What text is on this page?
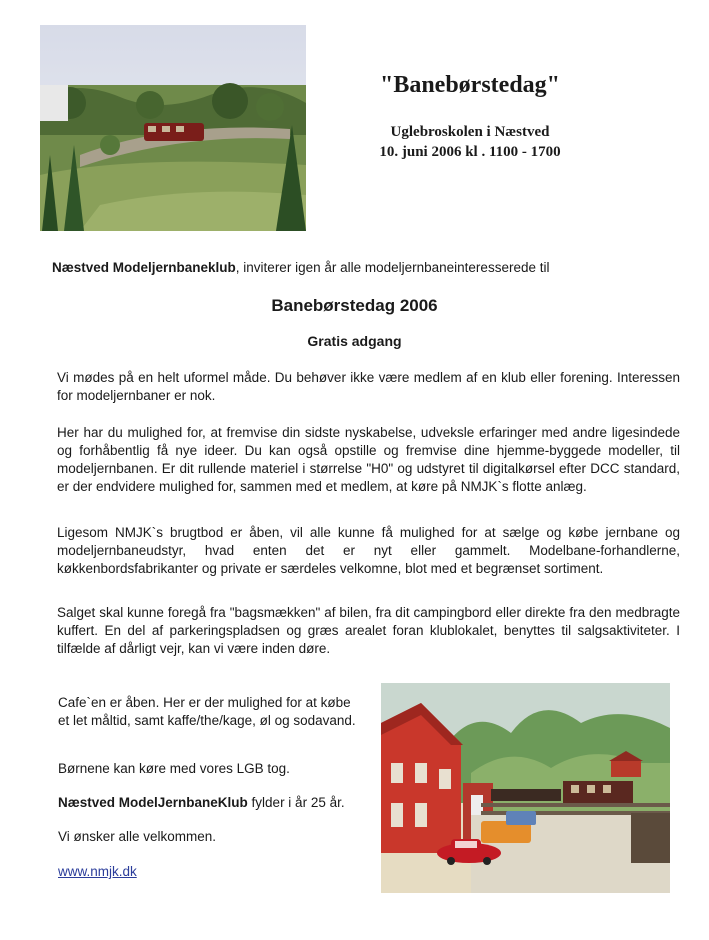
"Banebørstedag"
Uglebroskolen i Næstved
10. juni 2006 kl . 1100 - 1700
Næstved Modeljernbaneklub, inviterer igen år alle modeljernbaneinteresserede til
Banebørstedag 2006
Gratis adgang
Vi mødes på en helt uformel måde. Du behøver ikke være medlem af en klub eller forening. Interessen for modeljernbaner er nok.
Her har du mulighed for, at fremvise din sidste nyskabelse, udveksle erfaringer med andre ligesindede og forhåbentlig få nye ideer. Du kan også opstille og fremvise dine hjemme-byggede modeller, til modeljernbanen. Er dit rullende materiel i størrelse "H0" og udstyret til digitalkørsel efter DCC standard, er der endvidere mulighed for, sammen med et medlem, at køre på NMJK`s flotte anlæg.
Ligesom NMJK`s brugtbod er åben, vil alle kunne få mulighed for at sælge og købe jernbane og modeljernbaneudstyr, hvad enten det er nyt eller gammelt. Modelbane-forhandlerne, køkkenbordsfabrikanter og private er særdeles velkomne, blot med et begrænset sortiment.
Salget skal kunne foregå fra "bagsmækken" af bilen, fra dit campingbord eller direkte fra den medbragte kuffert. En del af parkeringspladsen og græs arealet foran klublokalet, benyttes til salgsaktiviteter. I tilfælde af dårligt vejr, kan vi være inden døre.
Cafe`en er åben. Her er der mulighed for at købe et let måltid, samt kaffe/the/kage, øl og sodavand.
Børnene kan køre med vores LGB tog.
Næstved ModelJernbaneKlub fylder i år 25 år.
Vi ønsker alle velkommen.
www.nmjk.dk
